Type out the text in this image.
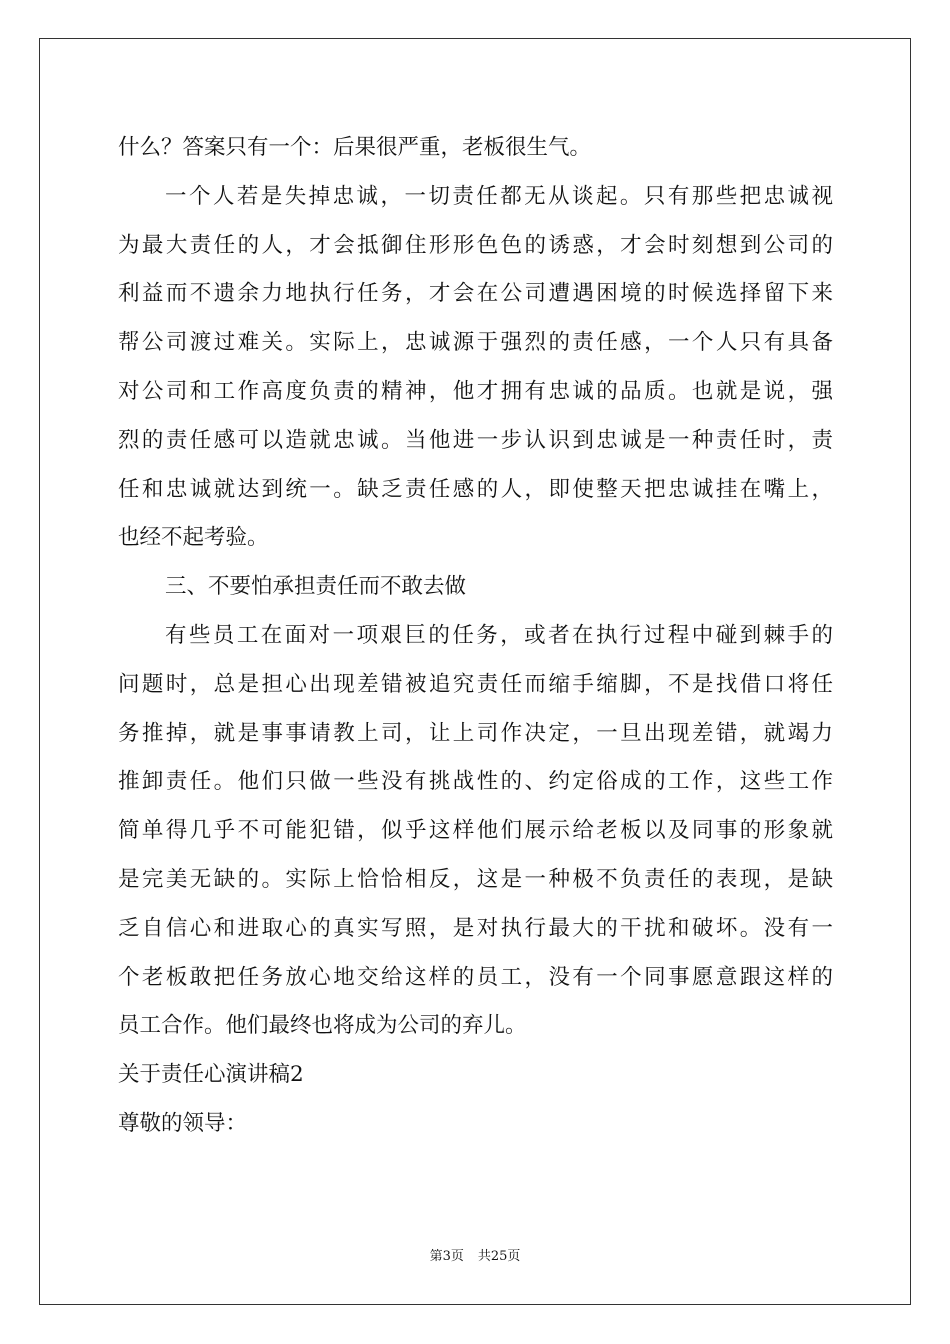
什么？答案只有一个：后果很严重，老板很生气。
一个人若是失掉忠诚，一切责任都无从谈起。只有那些把忠诚视
为最大责任的人，才会抵御住形形色色的诱惑，才会时刻想到公司的
利益而不遗余力地执行任务，才会在公司遭遇困境的时候选择留下来
帮公司渡过难关。实际上，忠诚源于强烈的责任感，一个人只有具备
对公司和工作高度负责的精神，他才拥有忠诚的品质。也就是说，强
烈的责任感可以造就忠诚。当他进一步认识到忠诚是一种责任时，责
任和忠诚就达到统一。缺乏责任感的人，即使整天把忠诚挂在嘴上，
也经不起考验。
三、不要怕承担责任而不敢去做
有些员工在面对一项艰巨的任务，或者在执行过程中碰到棘手的
问题时，总是担心出现差错被追究责任而缩手缩脚，不是找借口将任
务推掉，就是事事请教上司，让上司作决定，一旦出现差错，就竭力
推卸责任。他们只做一些没有挑战性的、约定俗成的工作，这些工作
简单得几乎不可能犯错，似乎这样他们展示给老板以及同事的形象就
是完美无缺的。实际上恰恰相反，这是一种极不负责任的表现，是缺
乏自信心和进取心的真实写照，是对执行最大的干扰和破坏。没有一
个老板敢把任务放心地交给这样的员工，没有一个同事愿意跟这样的
员工合作。他们最终也将成为公司的弃儿。
关于责任心演讲稿2
尊敬的领导：
第3页 共25页
